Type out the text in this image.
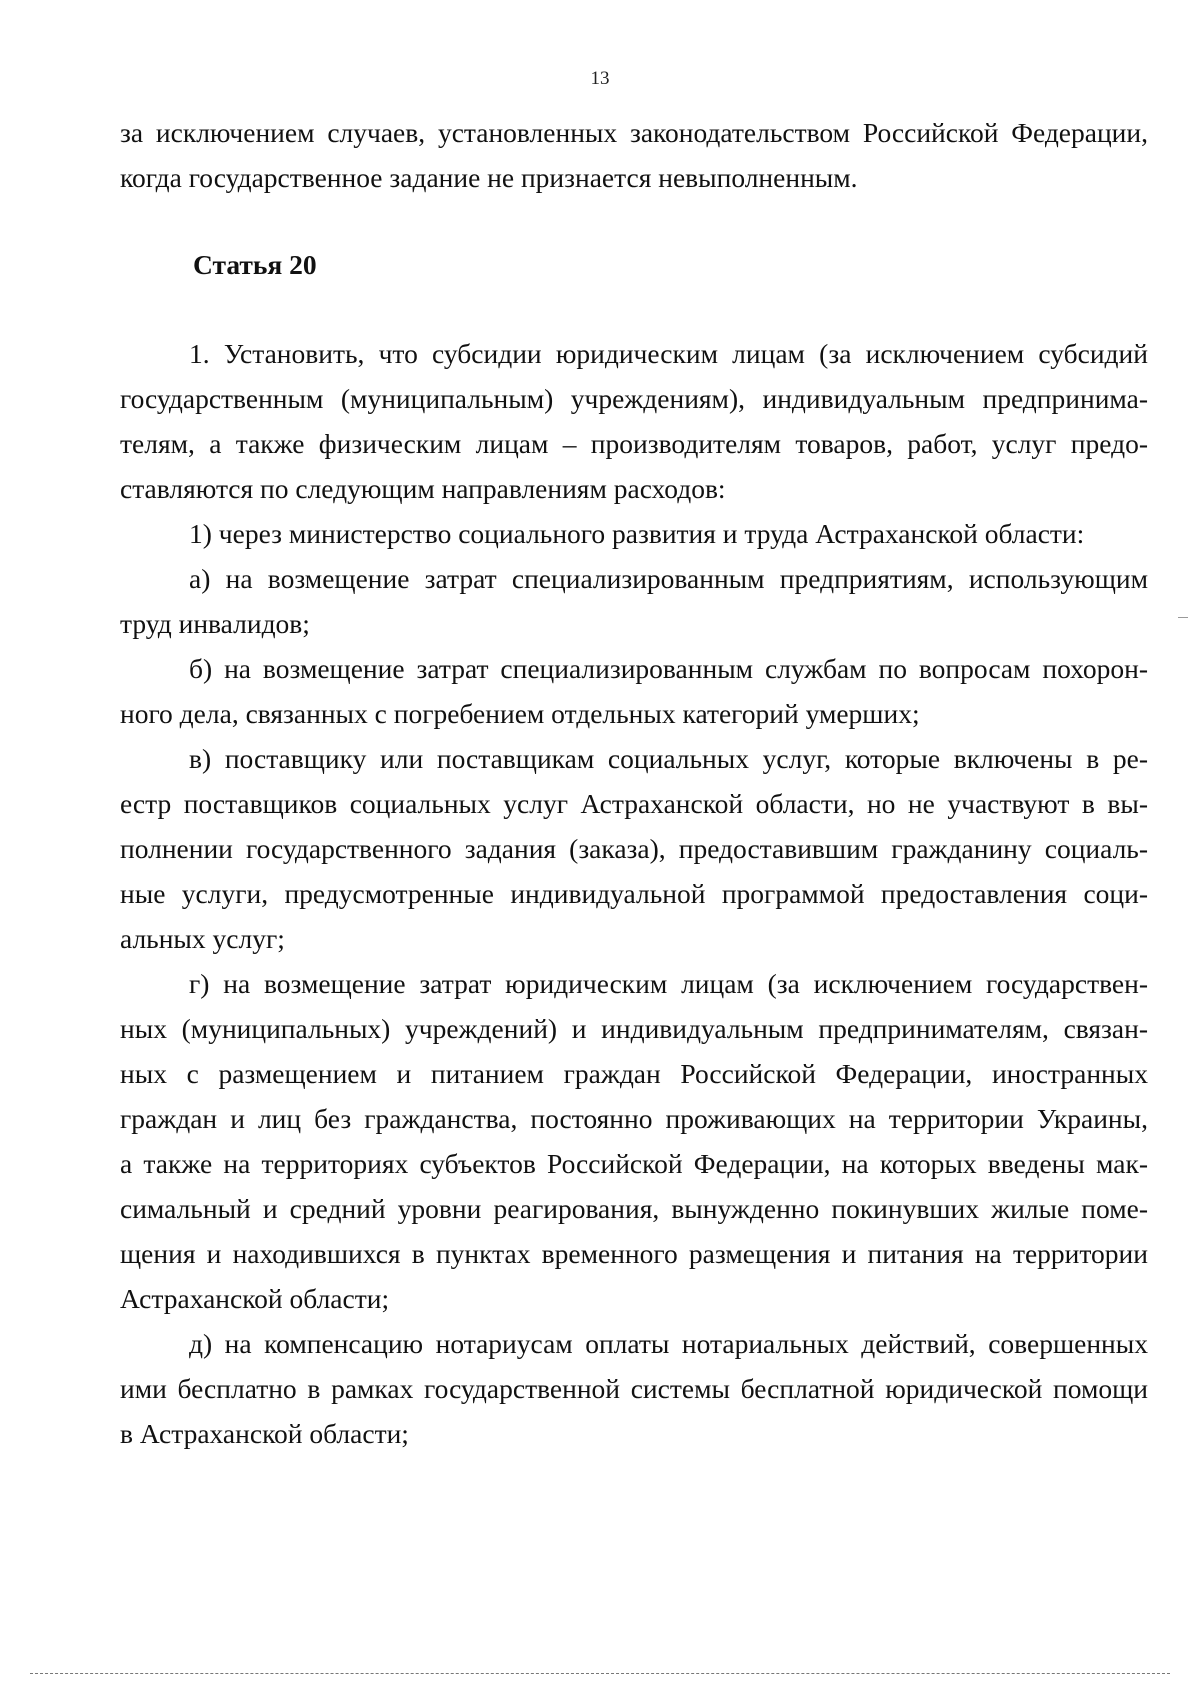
13
за исключением случаев, установленных законодательством Российской Федерации,
когда государственное задание не признается невыполненным.
Статья 20
1. Установить, что субсидии юридическим лицам (за исключением субсидий
государственным (муниципальным) учреждениям), индивидуальным предпринима-
телям, а также физическим лицам – производителям товаров, работ, услуг предо-
ставляются по следующим направлениям расходов:
1) через министерство социального развития и труда Астраханской области:
а) на возмещение затрат специализированным предприятиям, использующим
труд инвалидов;
б) на возмещение затрат специализированным службам по вопросам похорон-
ного дела, связанных с погребением отдельных категорий умерших;
в) поставщику или поставщикам социальных услуг, которые включены в ре-
естр поставщиков социальных услуг Астраханской области, но не участвуют в вы-
полнении государственного задания (заказа), предоставившим гражданину социаль-
ные услуги, предусмотренные индивидуальной программой предоставления соци-
альных услуг;
г) на возмещение затрат юридическим лицам (за исключением государствен-
ных (муниципальных) учреждений) и индивидуальным предпринимателям, связан-
ных с размещением и питанием граждан Российской Федерации, иностранных
граждан и лиц без гражданства, постоянно проживающих на территории Украины,
а также на территориях субъектов Российской Федерации, на которых введены мак-
симальный и средний уровни реагирования, вынужденно покинувших жилые поме-
щения и находившихся в пунктах временного размещения и питания на территории
Астраханской области;
д) на компенсацию нотариусам оплаты нотариальных действий, совершенных
ими бесплатно в рамках государственной системы бесплатной юридической помощи
в Астраханской области;
